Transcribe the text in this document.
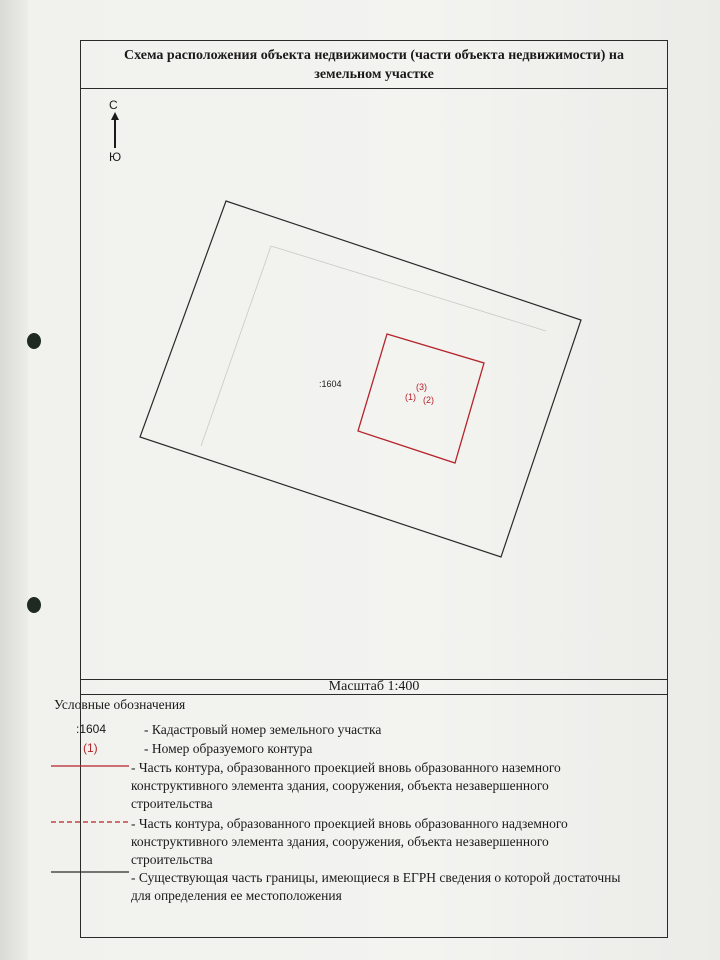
Схема расположения объекта недвижимости (части объекта недвижимости) на земельном участке
С
Ю
:1604	(3)
(1) (2)
Масштаб 1:400
Условные обозначения
:1604	- Кадастровый номер земельного участка
(1)	- Номер образуемого контура
- Часть контура, образованного проекцией вновь образованного наземного конструктивного элемента здания, сооружения, объекта незавершенного строительства
- Часть контура, образованного проекцией вновь образованного надземного конструктивного элемента здания, сооружения, объекта незавершенного строительства
- Существующая часть границы, имеющиеся в ЕГРН сведения о которой достаточны для определения ее местоположения
